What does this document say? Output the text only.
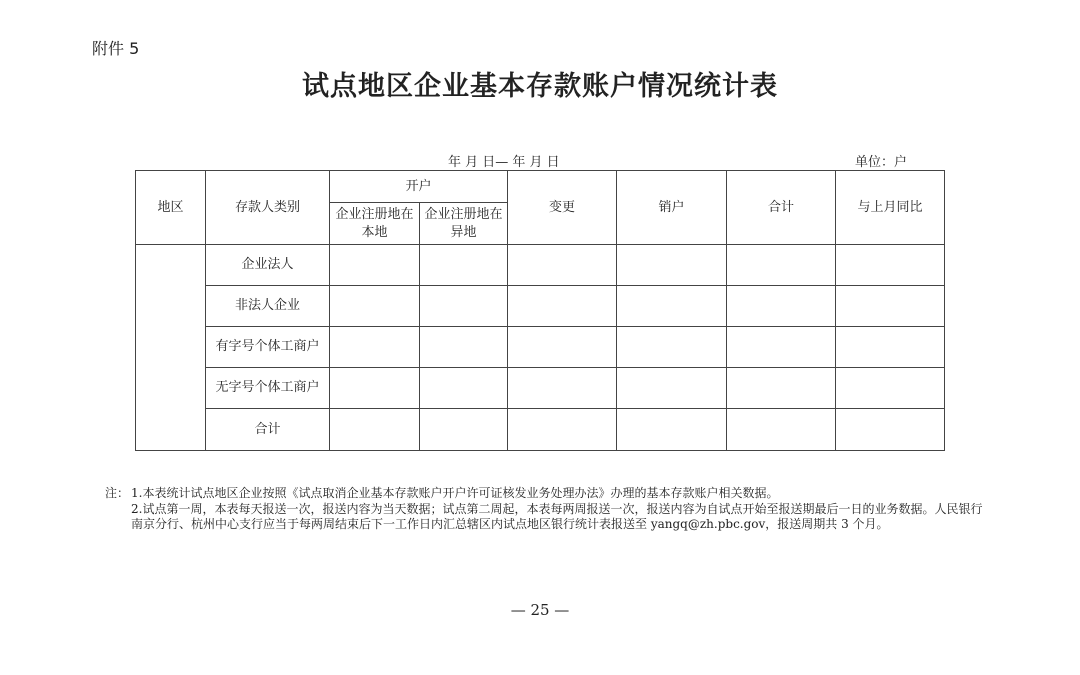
附件 5
试点地区企业基本存款账户情况统计表
年 月 日— 年 月 日	单位：户
地区	存款人类别	开户		变更	销户	合计	与上月同比
		企业注册地在本地	企业注册地在异地				
	企业法人						
	非法人企业						
	有字号个体工商户						
	无字号个体工商户						
	合计						
注： 1.本表统计试点地区企业按照《试点取消企业基本存款账户开户许可证核发业务处理办法》办理的基本存款账户相关数据。
2.试点第一周，本表每天报送一次，报送内容为当天数据；试点第二周起，本表每两周报送一次，报送内容为自试点开始至报送期最后一日的业务数据。人民银行南京分行、杭州中心支行应当于每两周结束后下一工作日内汇总辖区内试点地区银行统计表报送至 yangq@zh.pbc.gov，报送周期共 3 个月。
— 25 —
